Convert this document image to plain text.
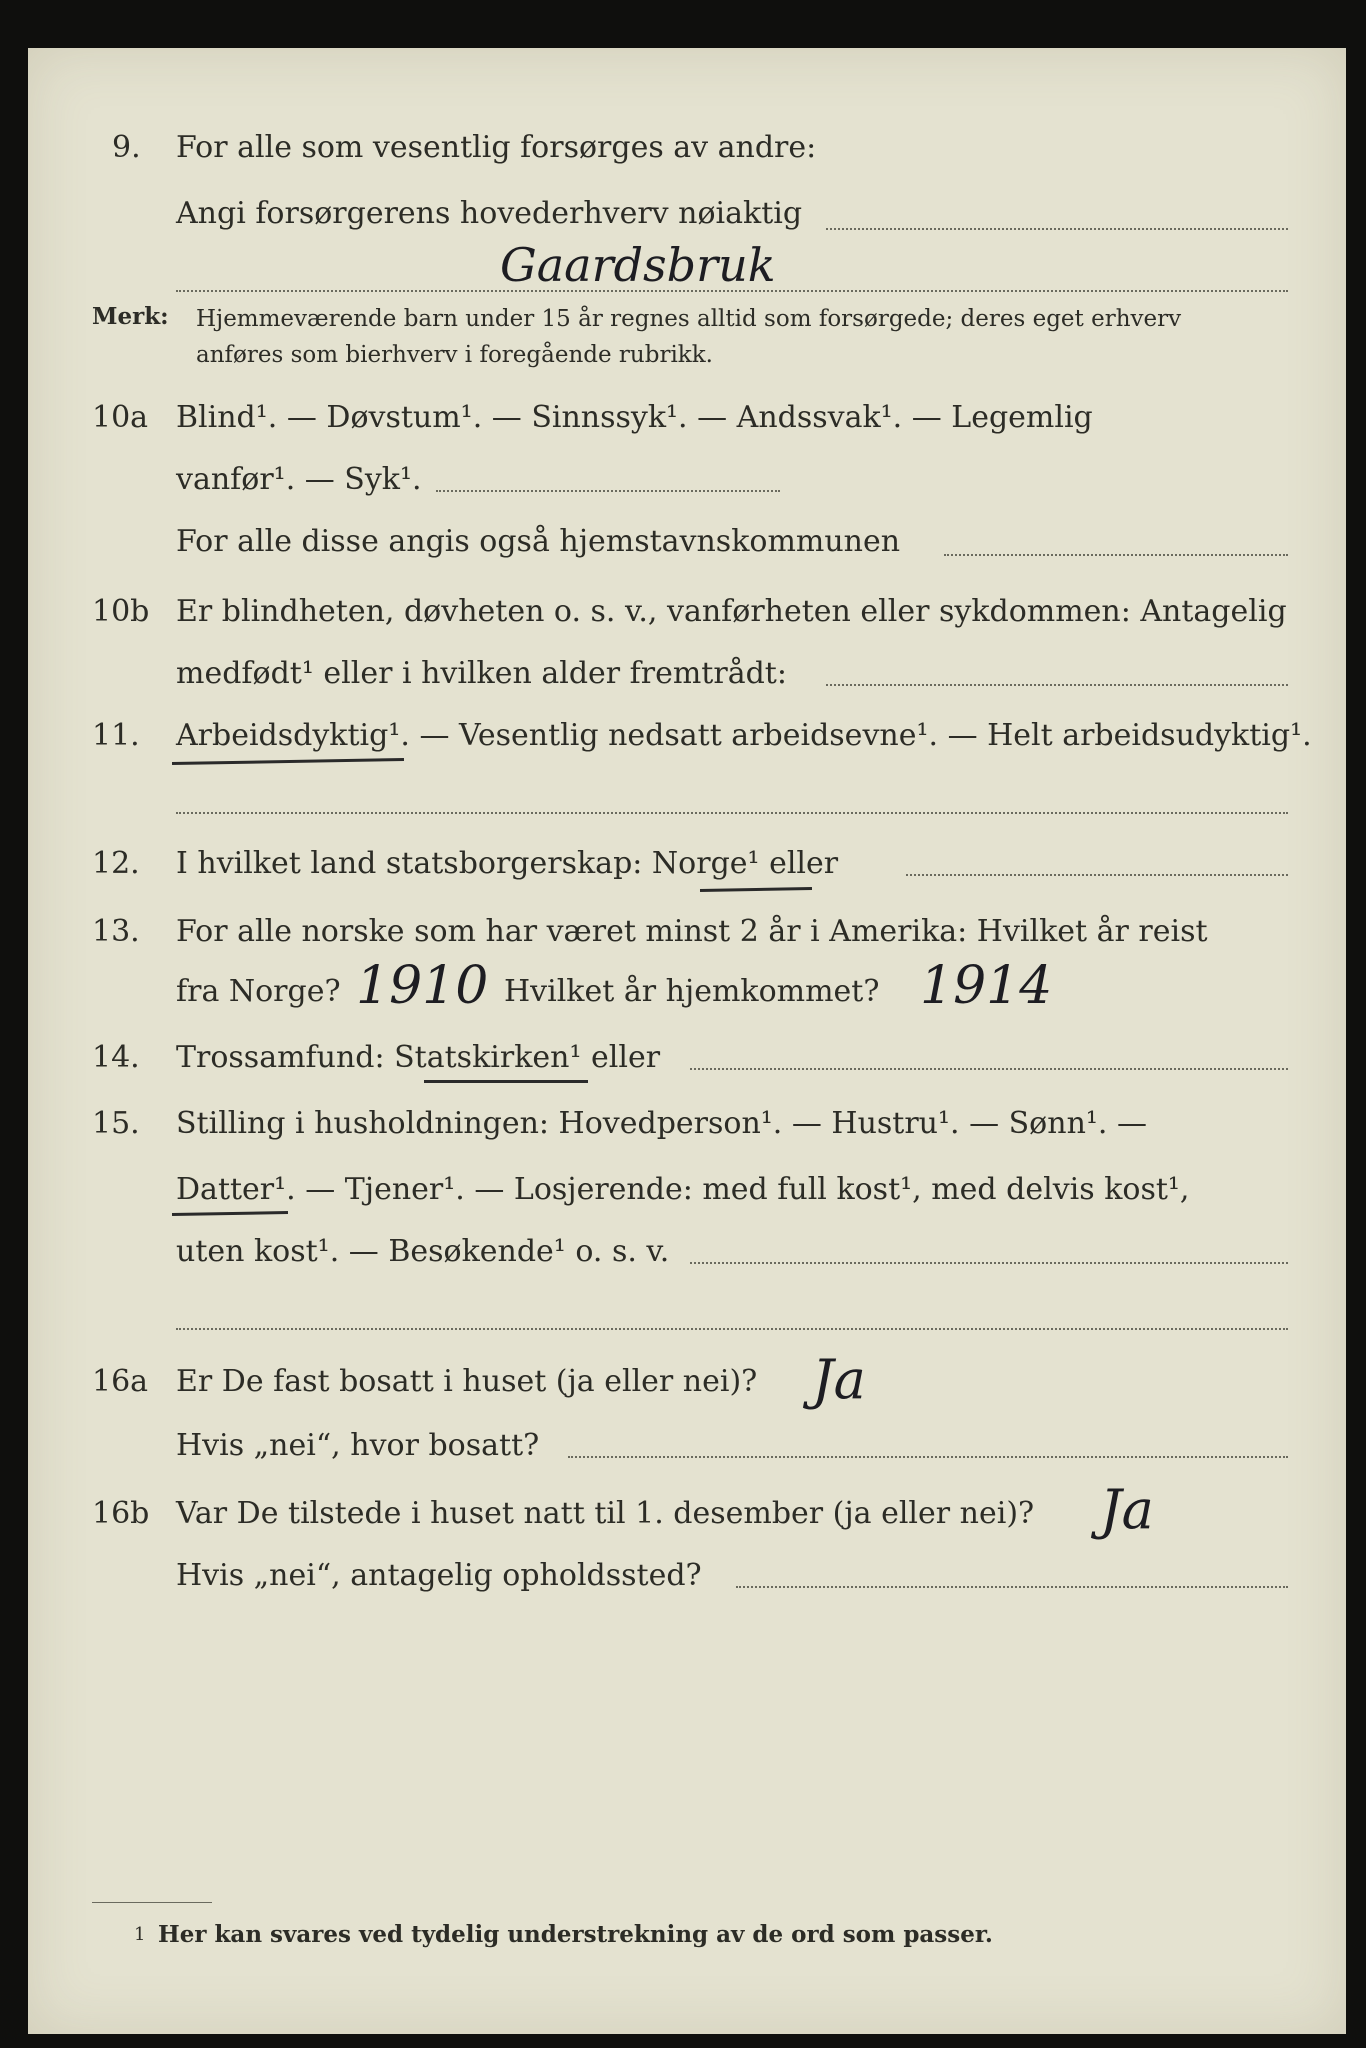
9. For alle som vesentlig forsørges av andre:
Angi forsørgerens hovederhverv nøiaktig
Gaardsbruk
Merk: Hjemmeværende barn under 15 år regnes alltid som forsørgede; deres eget erhverv
anføres som bierhverv i foregående rubrikk.
10a Blind¹. — Døvstum¹. — Sinnssyk¹. — Andssvak¹. — Legemlig
vanfør¹. — Syk¹.
For alle disse angis også hjemstavnskommunen
10b Er blindheten, døvheten o. s. v., vanførheten eller sykdommen: Antagelig
medfødt¹ eller i hvilken alder fremtrådt:
11. Arbeidsdyktig¹. — Vesentlig nedsatt arbeidsevne¹. — Helt arbeidsudyktig¹.
12. I hvilket land statsborgerskap: Norge¹ eller
13. For alle norske som har været minst 2 år i Amerika: Hvilket år reist
fra Norge? 1910 Hvilket år hjemkommet? 1914
14. Trossamfund: Statskirken¹ eller
15. Stilling i husholdningen: Hovedperson¹. — Hustru¹. — Sønn¹. —
Datter¹. — Tjener¹. — Losjerende: med full kost¹, med delvis kost¹,
uten kost¹. — Besøkende¹ o. s. v.
16a Er De fast bosatt i huset (ja eller nei)? Ja
Hvis „nei“, hvor bosatt?
16b Var De tilstede i huset natt til 1. desember (ja eller nei)? Ja
Hvis „nei“, antagelig opholdssted?
1 Her kan svares ved tydelig understrekning av de ord som passer.
